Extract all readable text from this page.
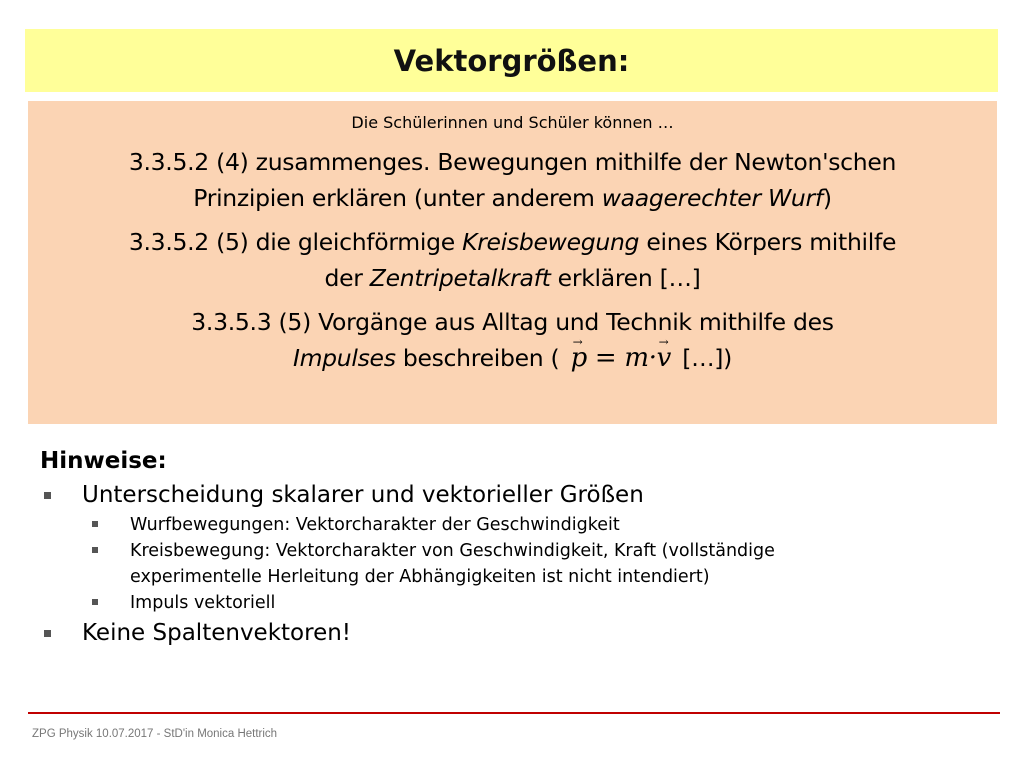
Vektorgrößen:

Die Schülerinnen und Schüler können …

3.3.5.2 (4) zusammenges. Bewegungen mithilfe der Newton'schen
Prinzipien erklären (unter anderem waagerechter Wurf)

3.3.5.2 (5) die gleichförmige Kreisbewegung eines Körpers mithilfe
der Zentripetalkraft erklären […]

3.3.5.3 (5) Vorgänge aus Alltag und Technik mithilfe des
Impulses beschreiben ( → p = m·→ v […])

Hinweise:
Unterscheidung skalarer und vektorieller Größen
Wurfbewegungen: Vektorcharakter der Geschwindigkeit
Kreisbewegung: Vektorcharakter von Geschwindigkeit, Kraft (vollständige
experimentelle Herleitung der Abhängigkeiten ist nicht intendiert)
Impuls vektoriell
Keine Spaltenvektoren!
ZPG Physik 10.07.2017 - StD'in Monica Hettrich
